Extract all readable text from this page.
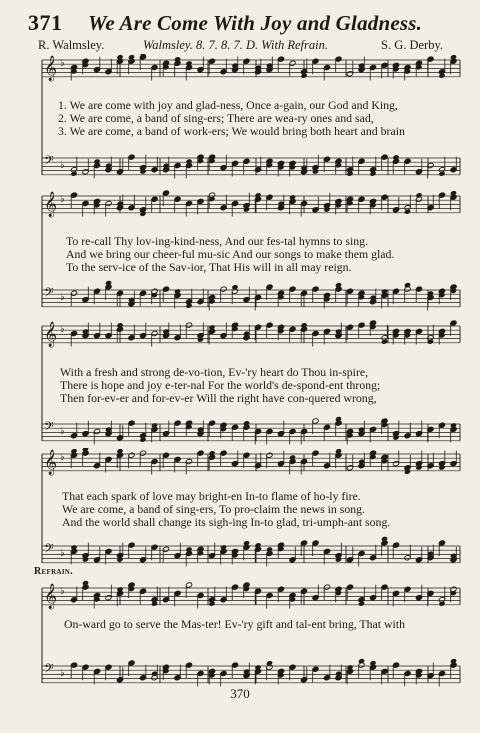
371 We Are Come With Joy and Gladness.
R. Walmsley.	Walmsley. 8. 7. 8. 7. D. With Refrain.	S. G. Derby.
𝄞 ♭
𝄢 ♭
1. We are come with joy and glad-ness, Once a-gain, our God and King,
2. We are come, a band of sing-ers; There are wea-ry ones and sad,
3. We are come, a band of work-ers; We would bring both heart and brain
𝄞 ♭
𝄢 ♭
To re-call Thy lov-ing-kind-ness, And our fes-tal hymns to sing.
And we bring our cheer-ful mu-sic And our songs to make them glad.
To the serv-ice of the Sav-ior, That His will in all may reign.
𝄞 ♭
𝄢 ♭
With a fresh and strong de-vo-tion, Ev-'ry heart do Thou in-spire,
There is hope and joy e-ter-nal For the world's de-spond-ent throng;
Then for-ev-er and for-ev-er Will the right have con-quered wrong,
𝄞 ♭
𝄢 ♭
That each spark of love may bright-en In-to flame of ho-ly fire.
We are come, a band of sing-ers, To pro-claim the news in song.
And the world shall change its sigh-ing In-to glad, tri-umph-ant song.
Refrain.
𝄞 ♭
𝄢 ♭
On-ward go to serve the Mas-ter! Ev-'ry gift and tal-ent bring, That with
370
